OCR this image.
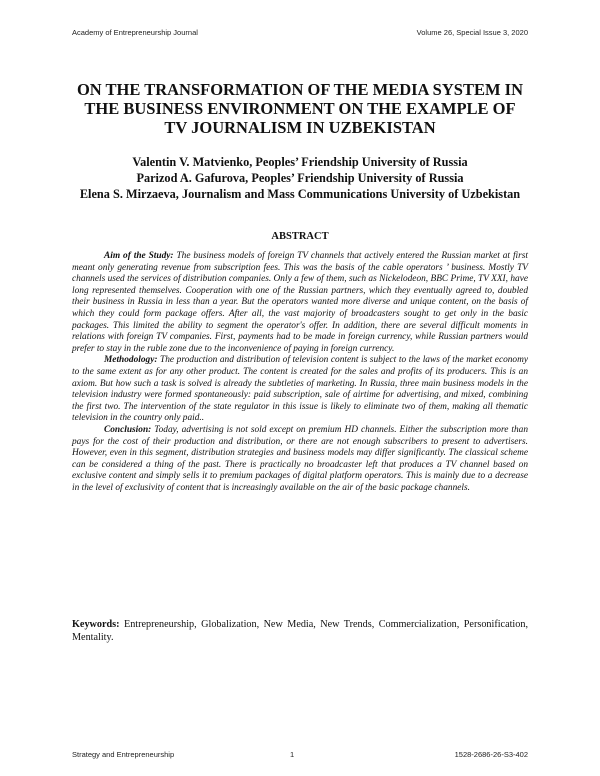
Academy of Entrepreneurship Journal	Volume 26, Special Issue 3, 2020
ON THE TRANSFORMATION OF THE MEDIA SYSTEM IN THE BUSINESS ENVIRONMENT ON THE EXAMPLE OF TV JOURNALISM IN UZBEKISTAN
Valentin V. Matvienko, Peoples’ Friendship University of Russia
Parizod A. Gafurova, Peoples’ Friendship University of Russia
Elena S. Mirzaeva, Journalism and Mass Communications University of Uzbekistan
ABSTRACT

Aim of the Study: The business models of foreign TV channels that actively entered the Russian market at first meant only generating revenue from subscription fees. This was the basis of the cable operators ’ business. Mostly TV channels used the services of distribution companies. Only a few of them, such as Nickelodeon, BBC Prime, TV XXI, have long represented themselves. Cooperation with one of the Russian partners, which they eventually agreed to, doubled their business in Russia in less than a year. But the operators wanted more diverse and unique content, on the basis of which they could form package offers. After all, the vast majority of broadcasters sought to get only in the basic packages. This limited the ability to segment the operator's offer. In addition, there are several difficult moments in relations with foreign TV companies. First, payments had to be made in foreign currency, while Russian partners would prefer to stay in the ruble zone due to the inconvenience of paying in foreign currency.

Methodology: The production and distribution of television content is subject to the laws of the market economy to the same extent as for any other product. The content is created for the sales and profits of its producers. This is an axiom. But how such a task is solved is already the subtleties of marketing. In Russia, three main business models in the television industry were formed spontaneously: paid subscription, sale of airtime for advertising, and mixed, combining the first two. The intervention of the state regulator in this issue is likely to eliminate two of them, making all thematic television in the country only paid..

Conclusion: Today, advertising is not sold except on premium HD channels. Either the subscription more than pays for the cost of their production and distribution, or there are not enough subscribers to present to advertisers. However, even in this segment, distribution strategies and business models may differ significantly. The classical scheme can be considered a thing of the past. There is practically no broadcaster left that produces a TV channel based on exclusive content and simply sells it to premium packages of digital platform operators. This is mainly due to a decrease in the level of exclusivity of content that is increasingly available on the air of the basic package channels.

Keywords: Entrepreneurship, Globalization, New Media, New Trends, Commercialization, Personification, Mentality.
Strategy and Entrepreneurship	1	1528-2686-26-S3-402
